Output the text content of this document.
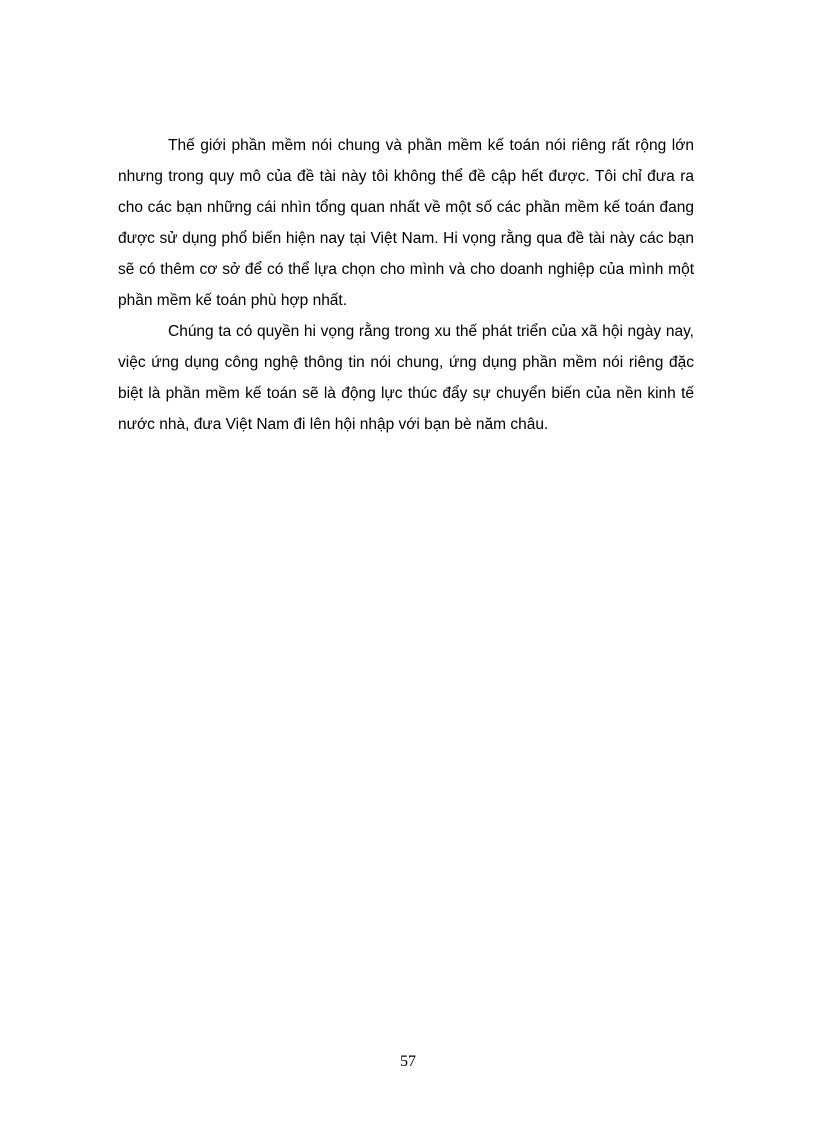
Thế giới phần mềm nói chung và phần mềm kế toán nói riêng rất rộng lớn nhưng trong quy mô của đề tài này tôi không thể đề cập hết được. Tôi chỉ đưa ra cho các bạn những cái nhìn tổng quan nhất về một số các phần mềm kế toán đang được sử dụng phổ biến hiện nay tại Việt Nam. Hi vọng rằng qua đề tài này các bạn sẽ có thêm cơ sở để có thể lựa chọn cho mình và cho doanh nghiệp của mình một phần mềm kế toán phù hợp nhất.

Chúng ta có quyền hi vọng rằng trong xu thế phát triển của xã hội ngày nay, việc ứng dụng công nghệ thông tin nói chung, ứng dụng phần mềm nói riêng đặc biệt là phần mềm kế toán sẽ là động lực thúc đẩy sự chuyển biến của nền kinh tế nước nhà, đưa Việt Nam đi lên hội nhập với bạn bè năm châu.

57
